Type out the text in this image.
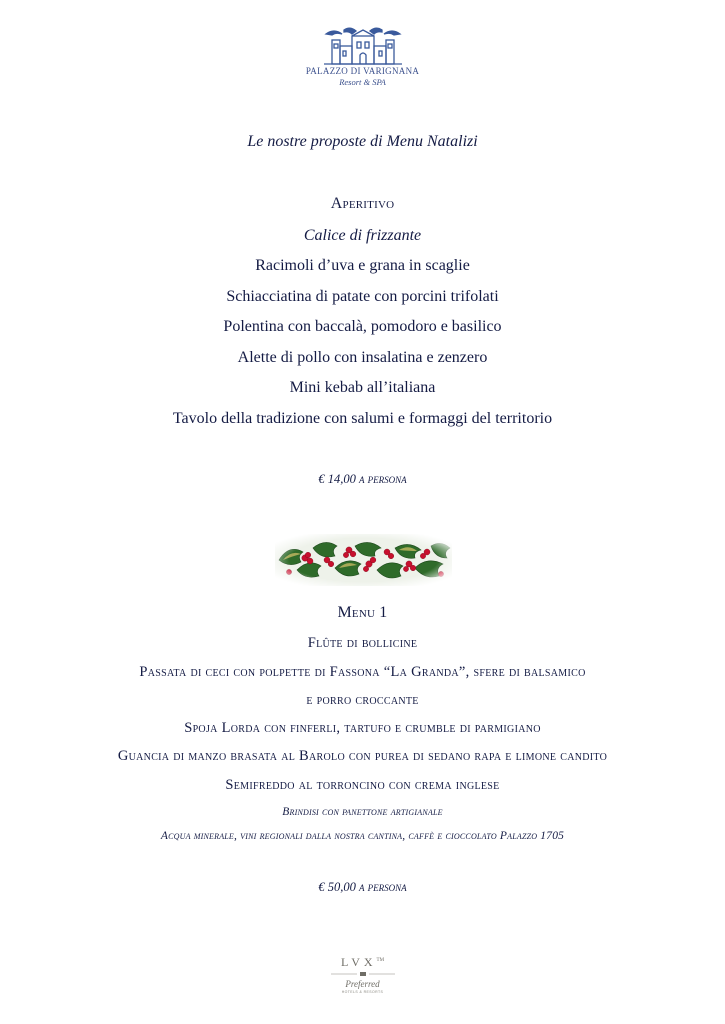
PALAZZO DI VARIGNANA
Resort & SPA
Le nostre proposte di Menu Natalizi
Aperitivo
Calice di frizzante
Racimoli d’uva e grana in scaglie
Schiacciatina di patate con porcini trifolati
Polentina con baccalà, pomodoro e basilico
Alette di pollo con insalatina e zenzero
Mini kebab all’italiana
Tavolo della tradizione con salumi e formaggi del territorio
€ 14,00 a persona
Menu 1
Flûte di bollicine
Passata di ceci con polpette di Fassona “La Granda”, sfere di balsamico
e porro croccante
Spoja Lorda con finferli, tartufo e crumble di parmigiano
Guancia di manzo brasata al Barolo con purea di sedano rapa e limone candito
Semifreddo al torroncino con crema inglese
Brindisi con panettone artigianale
Acqua minerale, vini regionali dalla nostra cantina, caffè e cioccolato Palazzo 1705
€ 50,00 a persona
LVX™
Preferred
HOTELS & RESORTS
